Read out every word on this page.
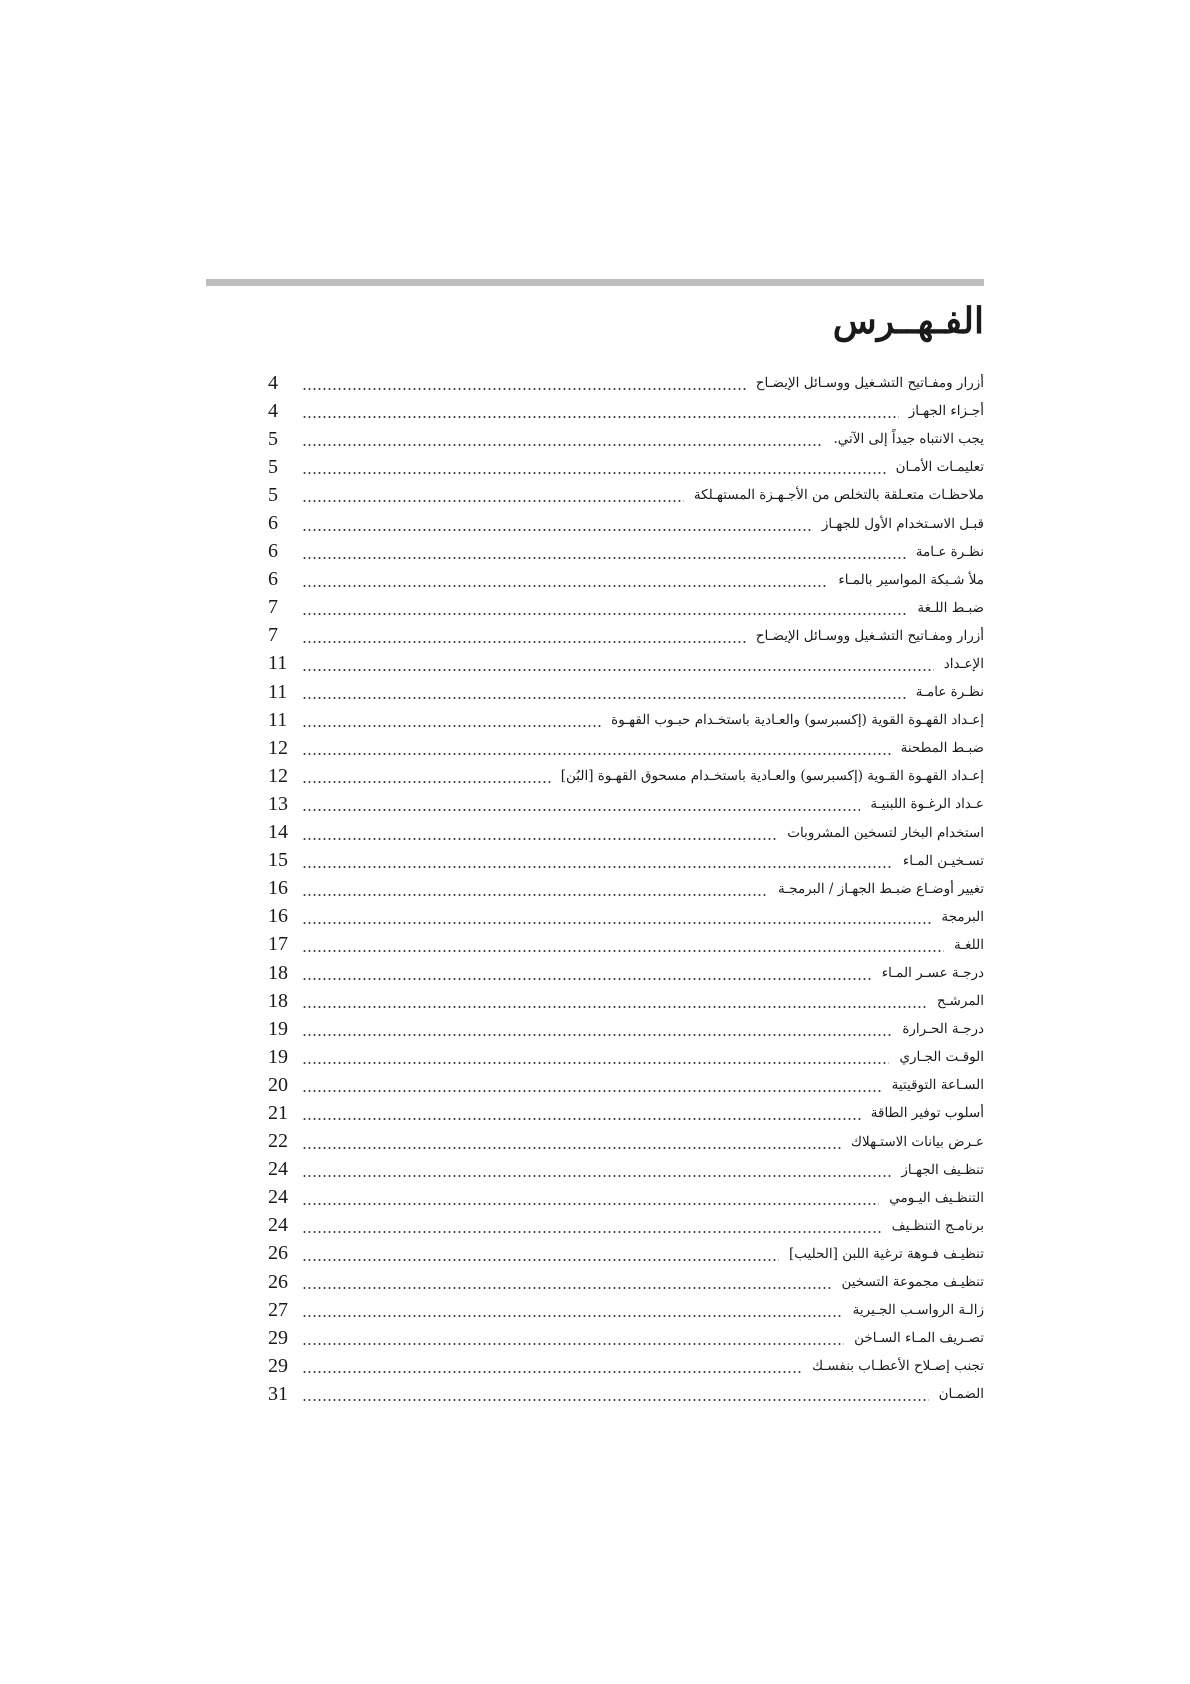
الفـهــرس
4	أزرار ومفـاتيح التشـغيل ووسـائل الإيضـاح
4	أجـزاء الجهـاز
5	يجب الانتباه جيداً إلى الآتي.
5	تعليمـات الأمـان
5	ملاحظـات متعـلقة بالتخلص من الأجـهـزة المستهـلكة
6	قبـل الاسـتخدام الأول للجهـاز
6	نظـرة عـامة
6	ملأ شـبكة المواسير بالمـاء
7	ضبـط اللـغة
7	أزرار ومفـاتيح التشـغيل ووسـائل الإيضـاح
11	الإعـداد
11	نظـرة عامـة
11	إعـداد القهـوة القوية (إكسبرسو) والعـادية باستخـدام حبـوب القهـوة
12	ضبـط المطحنة
12	إعـداد القهـوة القـوية (إكسبرسو) والعـادية باستخـدام مسحوق القهـوة [البُن]
13	عـداد الرغـوة اللبنيـة
14	استخدام البخار لتسخين المشروبات
15	تسـخيـن المـاء
16	تغيير أوضـاع ضبـط الجهـاز / البرمجـة
16	البرمجة
17	اللغـة
18	درجـة عسـر المـاء
18	المرشـح
19	درجـة الحـرارة
19	الوقـت الجـاري
20	السـاعة التوقيتية
21	أسلوب توفير الطاقة
22	عـرض بيانات الاستـهلاك
24	تنظـيف الجهـاز
24	التنظـيف اليـومي
24	برنامـج التنظـيف
26	تنظيـف فـوهة ترغية اللبن [الحليب]
26	تنظيـف مجموعة التسخين
27	زالـة الرواسـب الجـيرية
29	تصـريف المـاء السـاخن
29	تجنب إصـلاح الأعطـاب بنفسـك
31	الضمـان
